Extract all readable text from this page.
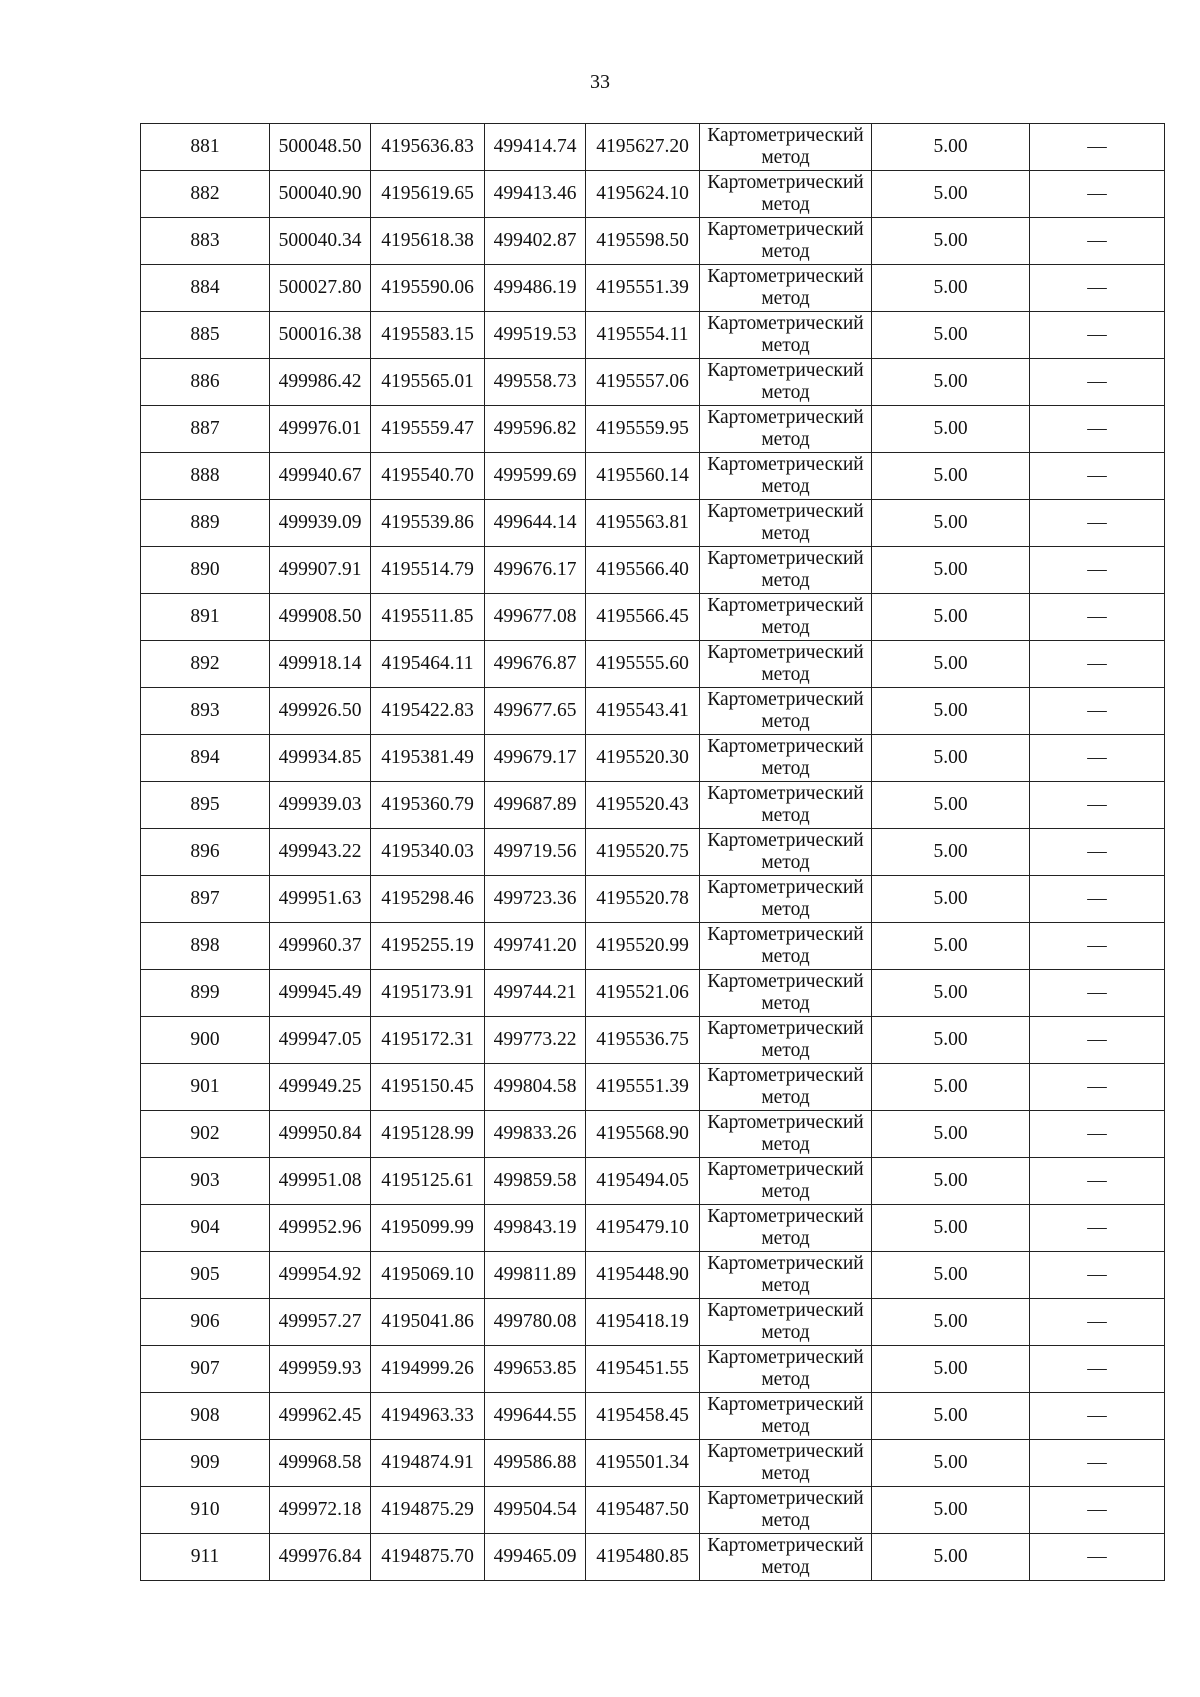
33
881	500048.50	4195636.83	499414.74	4195627.20	Картометрический
метод	5.00	—
882	500040.90	4195619.65	499413.46	4195624.10	Картометрический
метод	5.00	—
883	500040.34	4195618.38	499402.87	4195598.50	Картометрический
метод	5.00	—
884	500027.80	4195590.06	499486.19	4195551.39	Картометрический
метод	5.00	—
885	500016.38	4195583.15	499519.53	4195554.11	Картометрический
метод	5.00	—
886	499986.42	4195565.01	499558.73	4195557.06	Картометрический
метод	5.00	—
887	499976.01	4195559.47	499596.82	4195559.95	Картометрический
метод	5.00	—
888	499940.67	4195540.70	499599.69	4195560.14	Картометрический
метод	5.00	—
889	499939.09	4195539.86	499644.14	4195563.81	Картометрический
метод	5.00	—
890	499907.91	4195514.79	499676.17	4195566.40	Картометрический
метод	5.00	—
891	499908.50	4195511.85	499677.08	4195566.45	Картометрический
метод	5.00	—
892	499918.14	4195464.11	499676.87	4195555.60	Картометрический
метод	5.00	—
893	499926.50	4195422.83	499677.65	4195543.41	Картометрический
метод	5.00	—
894	499934.85	4195381.49	499679.17	4195520.30	Картометрический
метод	5.00	—
895	499939.03	4195360.79	499687.89	4195520.43	Картометрический
метод	5.00	—
896	499943.22	4195340.03	499719.56	4195520.75	Картометрический
метод	5.00	—
897	499951.63	4195298.46	499723.36	4195520.78	Картометрический
метод	5.00	—
898	499960.37	4195255.19	499741.20	4195520.99	Картометрический
метод	5.00	—
899	499945.49	4195173.91	499744.21	4195521.06	Картометрический
метод	5.00	—
900	499947.05	4195172.31	499773.22	4195536.75	Картометрический
метод	5.00	—
901	499949.25	4195150.45	499804.58	4195551.39	Картометрический
метод	5.00	—
902	499950.84	4195128.99	499833.26	4195568.90	Картометрический
метод	5.00	—
903	499951.08	4195125.61	499859.58	4195494.05	Картометрический
метод	5.00	—
904	499952.96	4195099.99	499843.19	4195479.10	Картометрический
метод	5.00	—
905	499954.92	4195069.10	499811.89	4195448.90	Картометрический
метод	5.00	—
906	499957.27	4195041.86	499780.08	4195418.19	Картометрический
метод	5.00	—
907	499959.93	4194999.26	499653.85	4195451.55	Картометрический
метод	5.00	—
908	499962.45	4194963.33	499644.55	4195458.45	Картометрический
метод	5.00	—
909	499968.58	4194874.91	499586.88	4195501.34	Картометрический
метод	5.00	—
910	499972.18	4194875.29	499504.54	4195487.50	Картометрический
метод	5.00	—
911	499976.84	4194875.70	499465.09	4195480.85	Картометрический
метод	5.00	—
